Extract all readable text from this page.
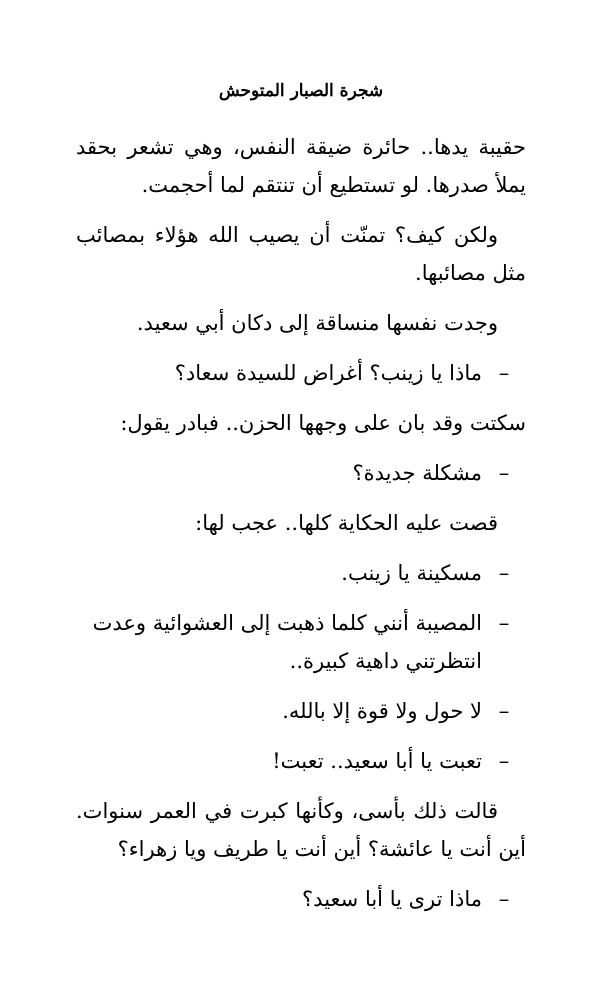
شجرة الصبار المتوحش

حقيبة يدها.. حائرة ضيقة النفس، وهي تشعر بحقد يملأ صدرها. لو تستطيع أن تنتقم لما أحجمت.

ولكن كيف؟ تمنّت أن يصيب الله هؤلاء بمصائب مثل مصائبها.

وجدت نفسها منساقة إلى دكان أبي سعيد.

–
ماذا يا زينب؟ أغراض للسيدة سعاد؟

سكتت وقد بان على وجهها الحزن.. فبادر يقول:

–
مشكلة جديدة؟

قصت عليه الحكاية كلها.. عجب لها:

–
مسكينة يا زينب.
–
المصيبة أنني كلما ذهبت إلى العشوائية وعدت انتظرتني داهية كبيرة..
–
لا حول ولا قوة إلا بالله.
–
تعبت يا أبا سعيد.. تعبت!

قالت ذلك بأسى، وكأنها كبرت في العمر سنوات. أين أنت يا عائشة؟ أين أنت يا طريف ويا زهراء؟

–
ماذا ترى يا أبا سعيد؟
